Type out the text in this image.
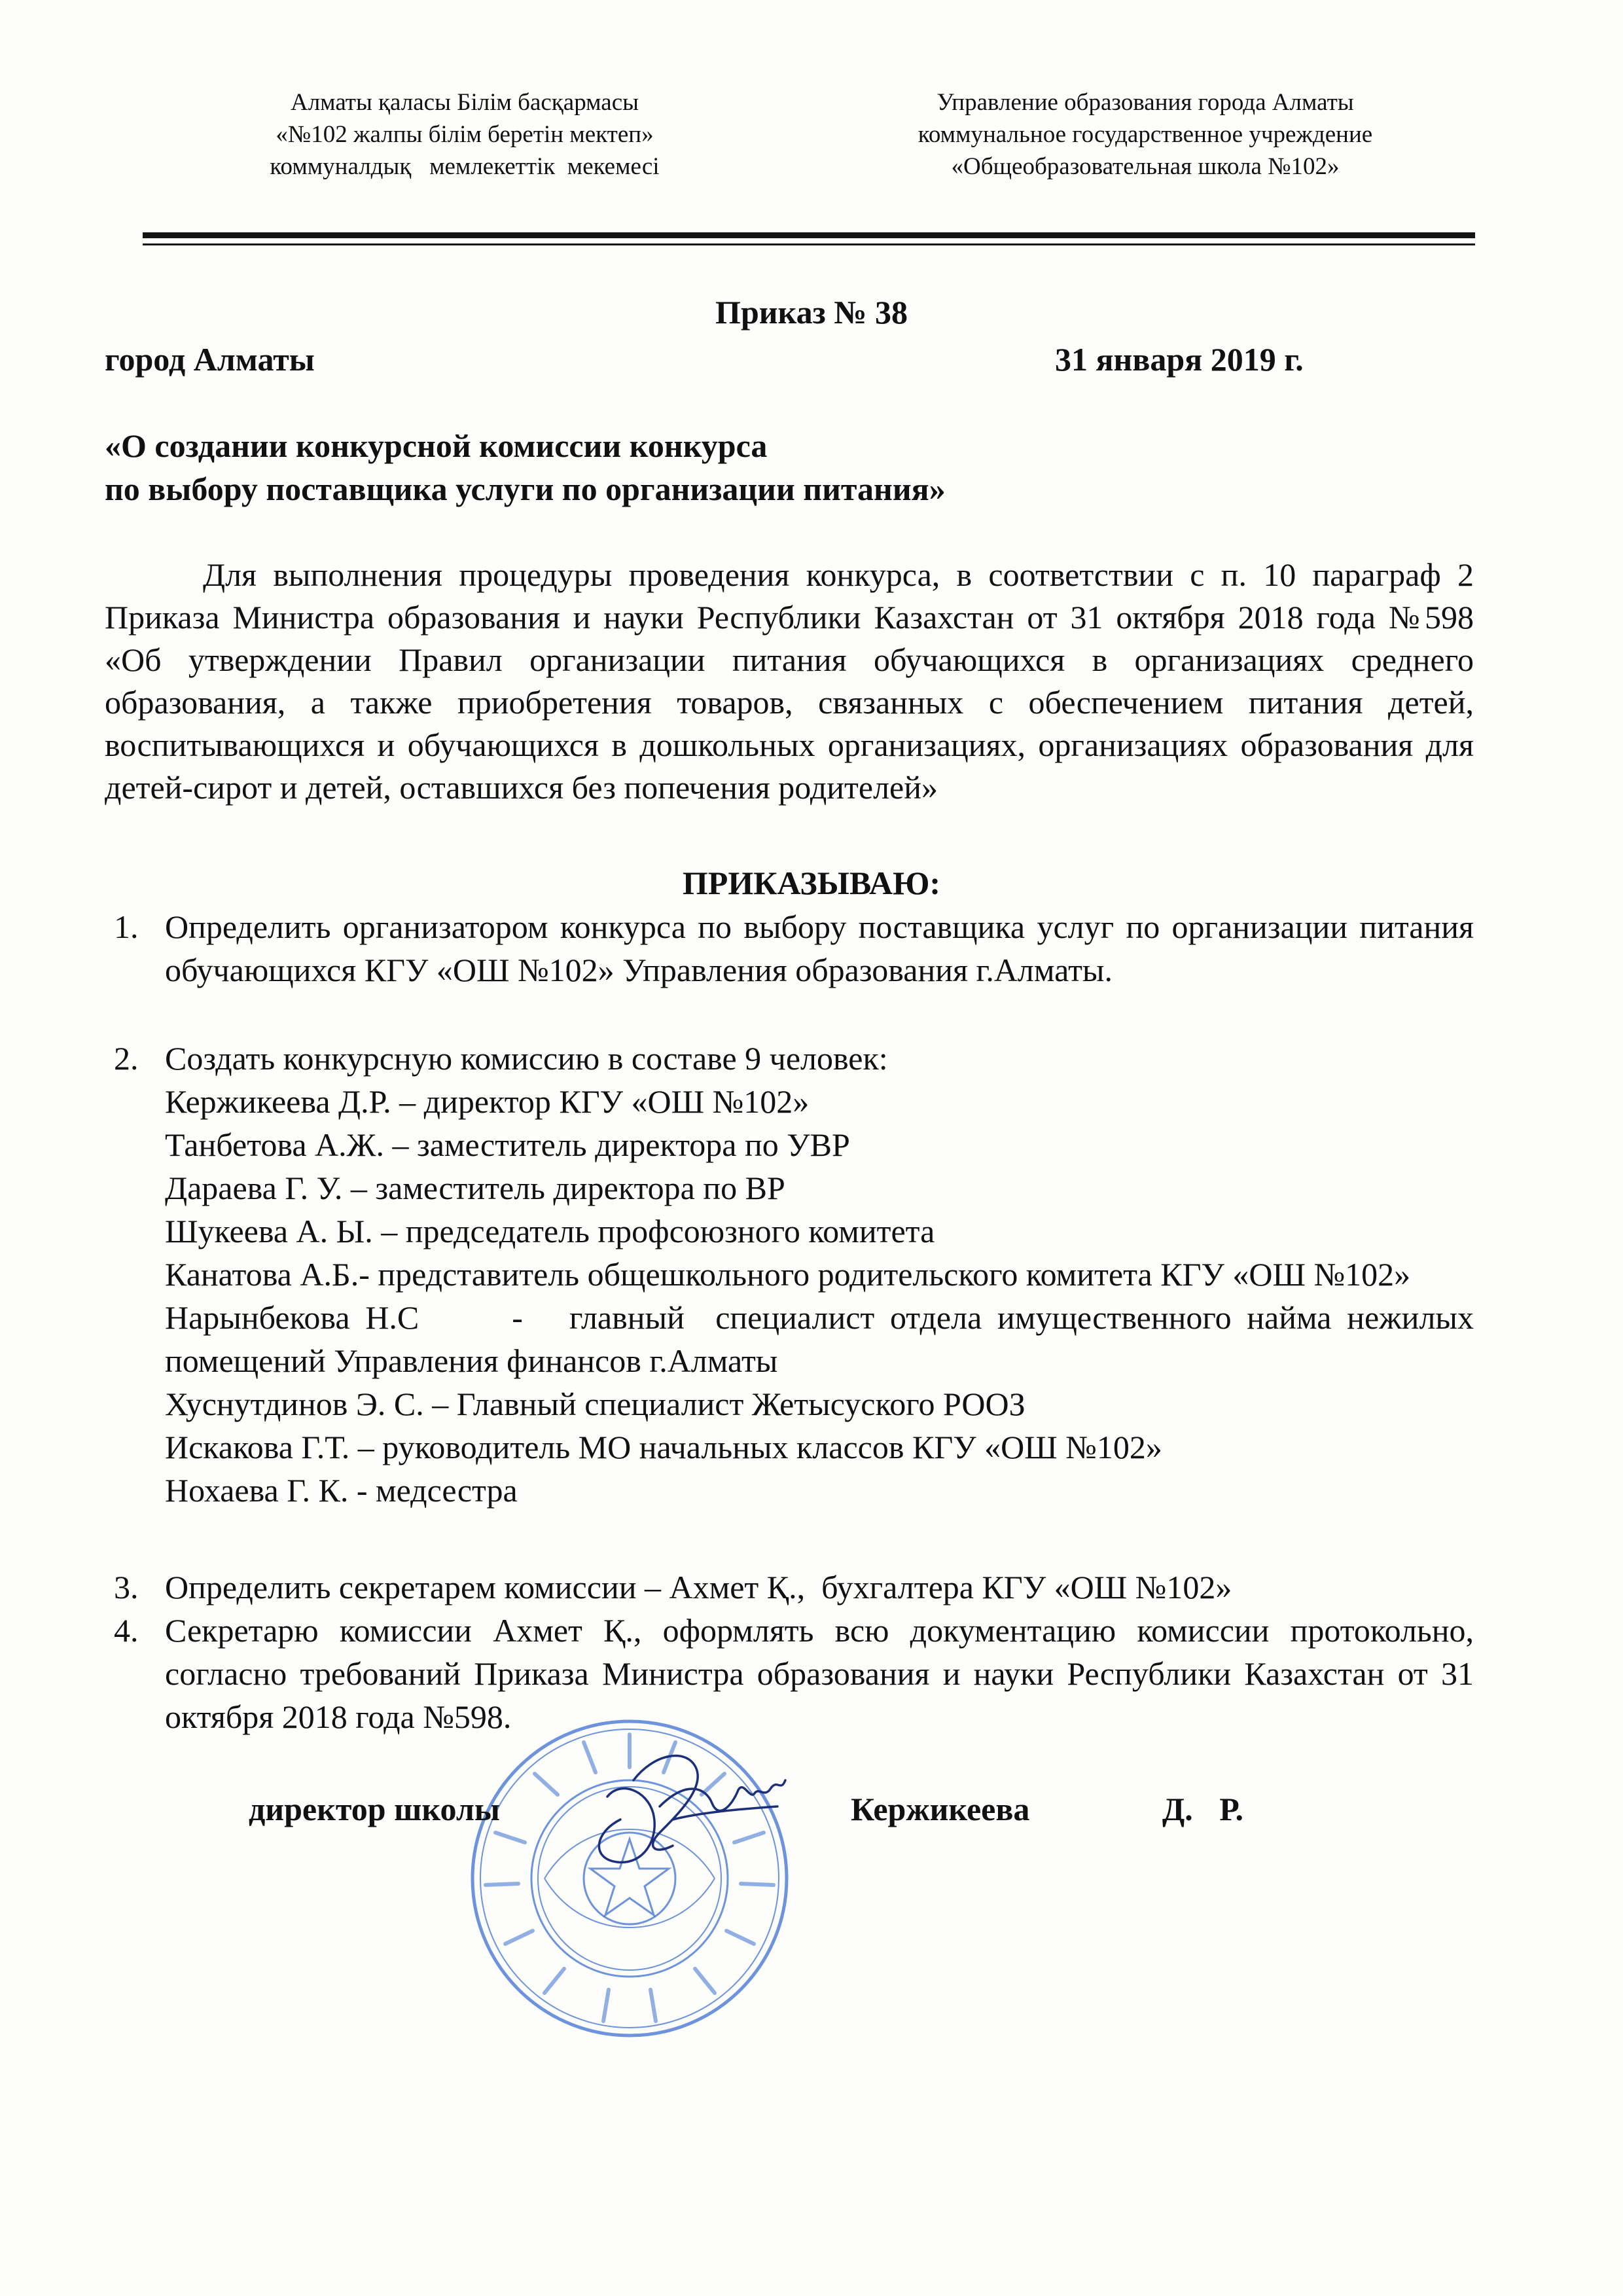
Алматы қаласы Білім басқармасы
«№102 жалпы білім беретін мектеп»
коммуналдық   мемлекеттік  мекемесі
Управление образования города Алматы
коммунальное государственное учреждение
«Общеобразовательная школа №102»
Приказ № 38
город Алматы	31 января 2019 г.
«О создании конкурсной комиссии конкурса
по выбору поставщика услуги по организации питания»
Для выполнения процедуры проведения конкурса, в соответствии с п. 10 параграф 2 Приказа Министра образования и науки Республики Казахстан от 31 октября 2018 года №598 «Об утверждении Правил организации питания обучающихся в организациях среднего образования, а также приобретения товаров, связанных с обеспечением питания детей, воспитывающихся и обучающихся в дошкольных организациях, организациях образования для детей-сирот и детей, оставшихся без попечения родителей»
ПРИКАЗЫВАЮ:
1. Определить организатором конкурса по выбору поставщика услуг по организации питания обучающихся КГУ «ОШ №102» Управления образования г.Алматы.
2. Создать конкурсную комиссию в составе 9 человек:

Кержикеева Д.Р. – директор КГУ «ОШ №102»

Танбетова А.Ж. – заместитель директора по УВР

Дараева Г. У. – заместитель директора по ВР

Шукеева А. Ы. – председатель профсоюзного комитета

Канатова А.Б.- представитель общешкольного родительского комитета КГУ «ОШ №102»

Нарынбекова Н.С      -   главный  специалист отдела имущественного найма нежилых помещений Управления финансов г.Алматы

Хуснутдинов Э. С. – Главный специалист Жетысуского РООЗ

Искакова Г.Т. – руководитель МО начальных классов КГУ «ОШ №102»

Нохаева Г. К. - медсестра

3. Определить секретарем комиссии – Ахмет Қ.,  бухгалтера КГУ «ОШ №102»
4. Секретарю комиссии Ахмет Қ., оформлять всю документацию комиссии протокольно, согласно требований Приказа Министра образования и науки Республики Казахстан от 31 октября 2018 года №598.
директор школы	Кержикеева     Д. Р.
